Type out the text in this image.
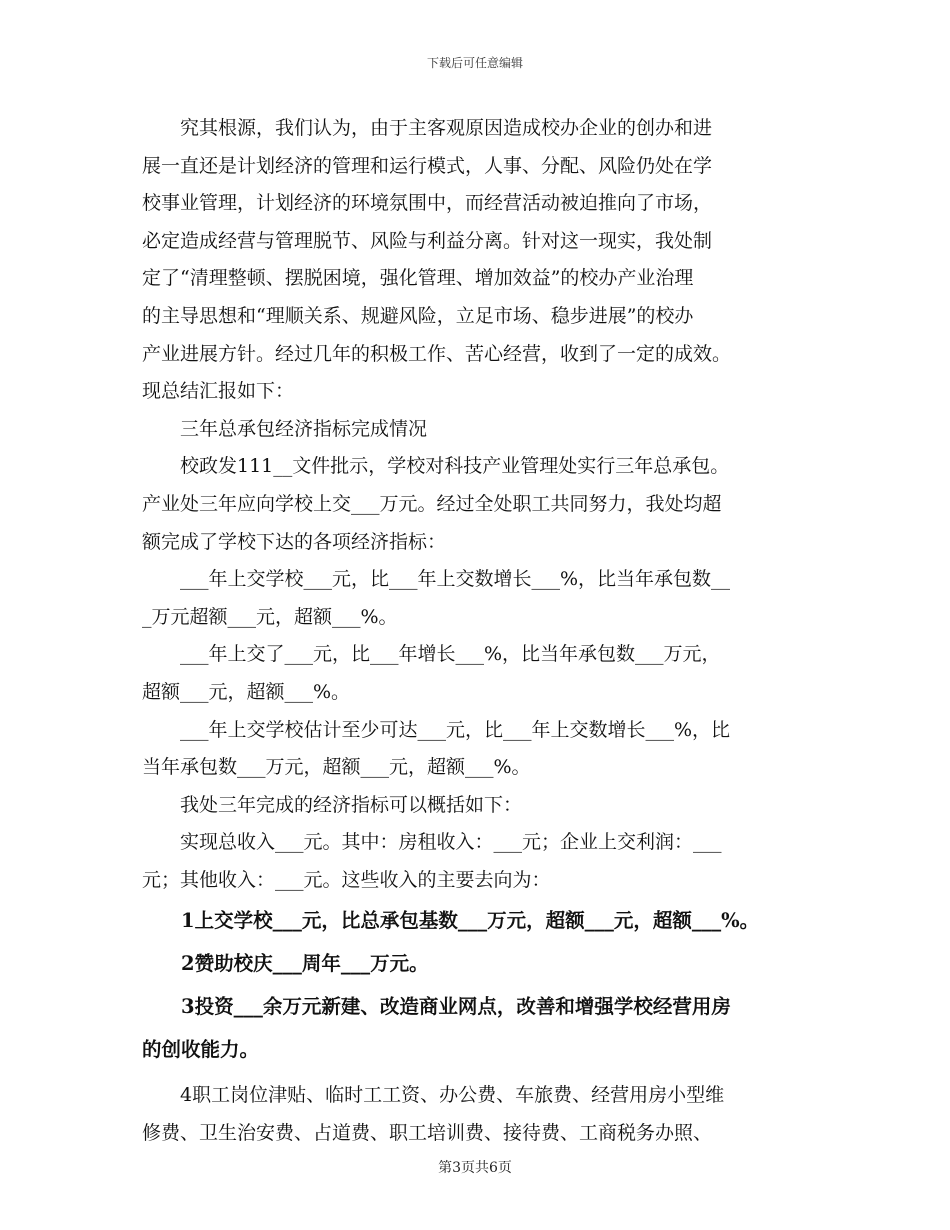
下载后可任意编辑
　　究其根源，我们认为，由于主客观原因造成校办企业的创办和进
展一直还是计划经济的管理和运行模式，人事、分配、风险仍处在学
校事业管理，计划经济的环境氛围中，而经营活动被迫推向了市场，
必定造成经营与管理脱节、风险与利益分离。针对这一现实，我处制
定了“清理整顿、摆脱困境，强化管理、增加效益”的校办产业治理
的主导思想和“理顺关系、规避风险，立足市场、稳步进展”的校办
产业进展方针。经过几年的积极工作、苦心经营，收到了一定的成效。
现总结汇报如下：
　　三年总承包经济指标完成情况
　　校政发111__文件批示，学校对科技产业管理处实行三年总承包。
产业处三年应向学校上交___万元。经过全处职工共同努力，我处均超
额完成了学校下达的各项经济指标：
　　___年上交学校___元，比___年上交数增长___%，比当年承包数__
_万元超额___元，超额___%。
　　___年上交了___元，比___年增长___%，比当年承包数___万元，
超额___元，超额___%。
　　___年上交学校估计至少可达___元，比___年上交数增长___%，比
当年承包数___万元，超额___元，超额___%。
　　我处三年完成的经济指标可以概括如下：
　　实现总收入___元。其中：房租收入：___元；企业上交利润：___
元；其他收入：___元。这些收入的主要去向为：
　　1上交学校___元，比总承包基数___万元，超额___元，超额___%。
　　2赞助校庆___周年___万元。
　　3投资___余万元新建、改造商业网点，改善和增强学校经营用房
的创收能力。
　　4职工岗位津贴、临时工工资、办公费、车旅费、经营用房小型维
修费、卫生治安费、占道费、职工培训费、接待费、工商税务办照、
第3页共6页
